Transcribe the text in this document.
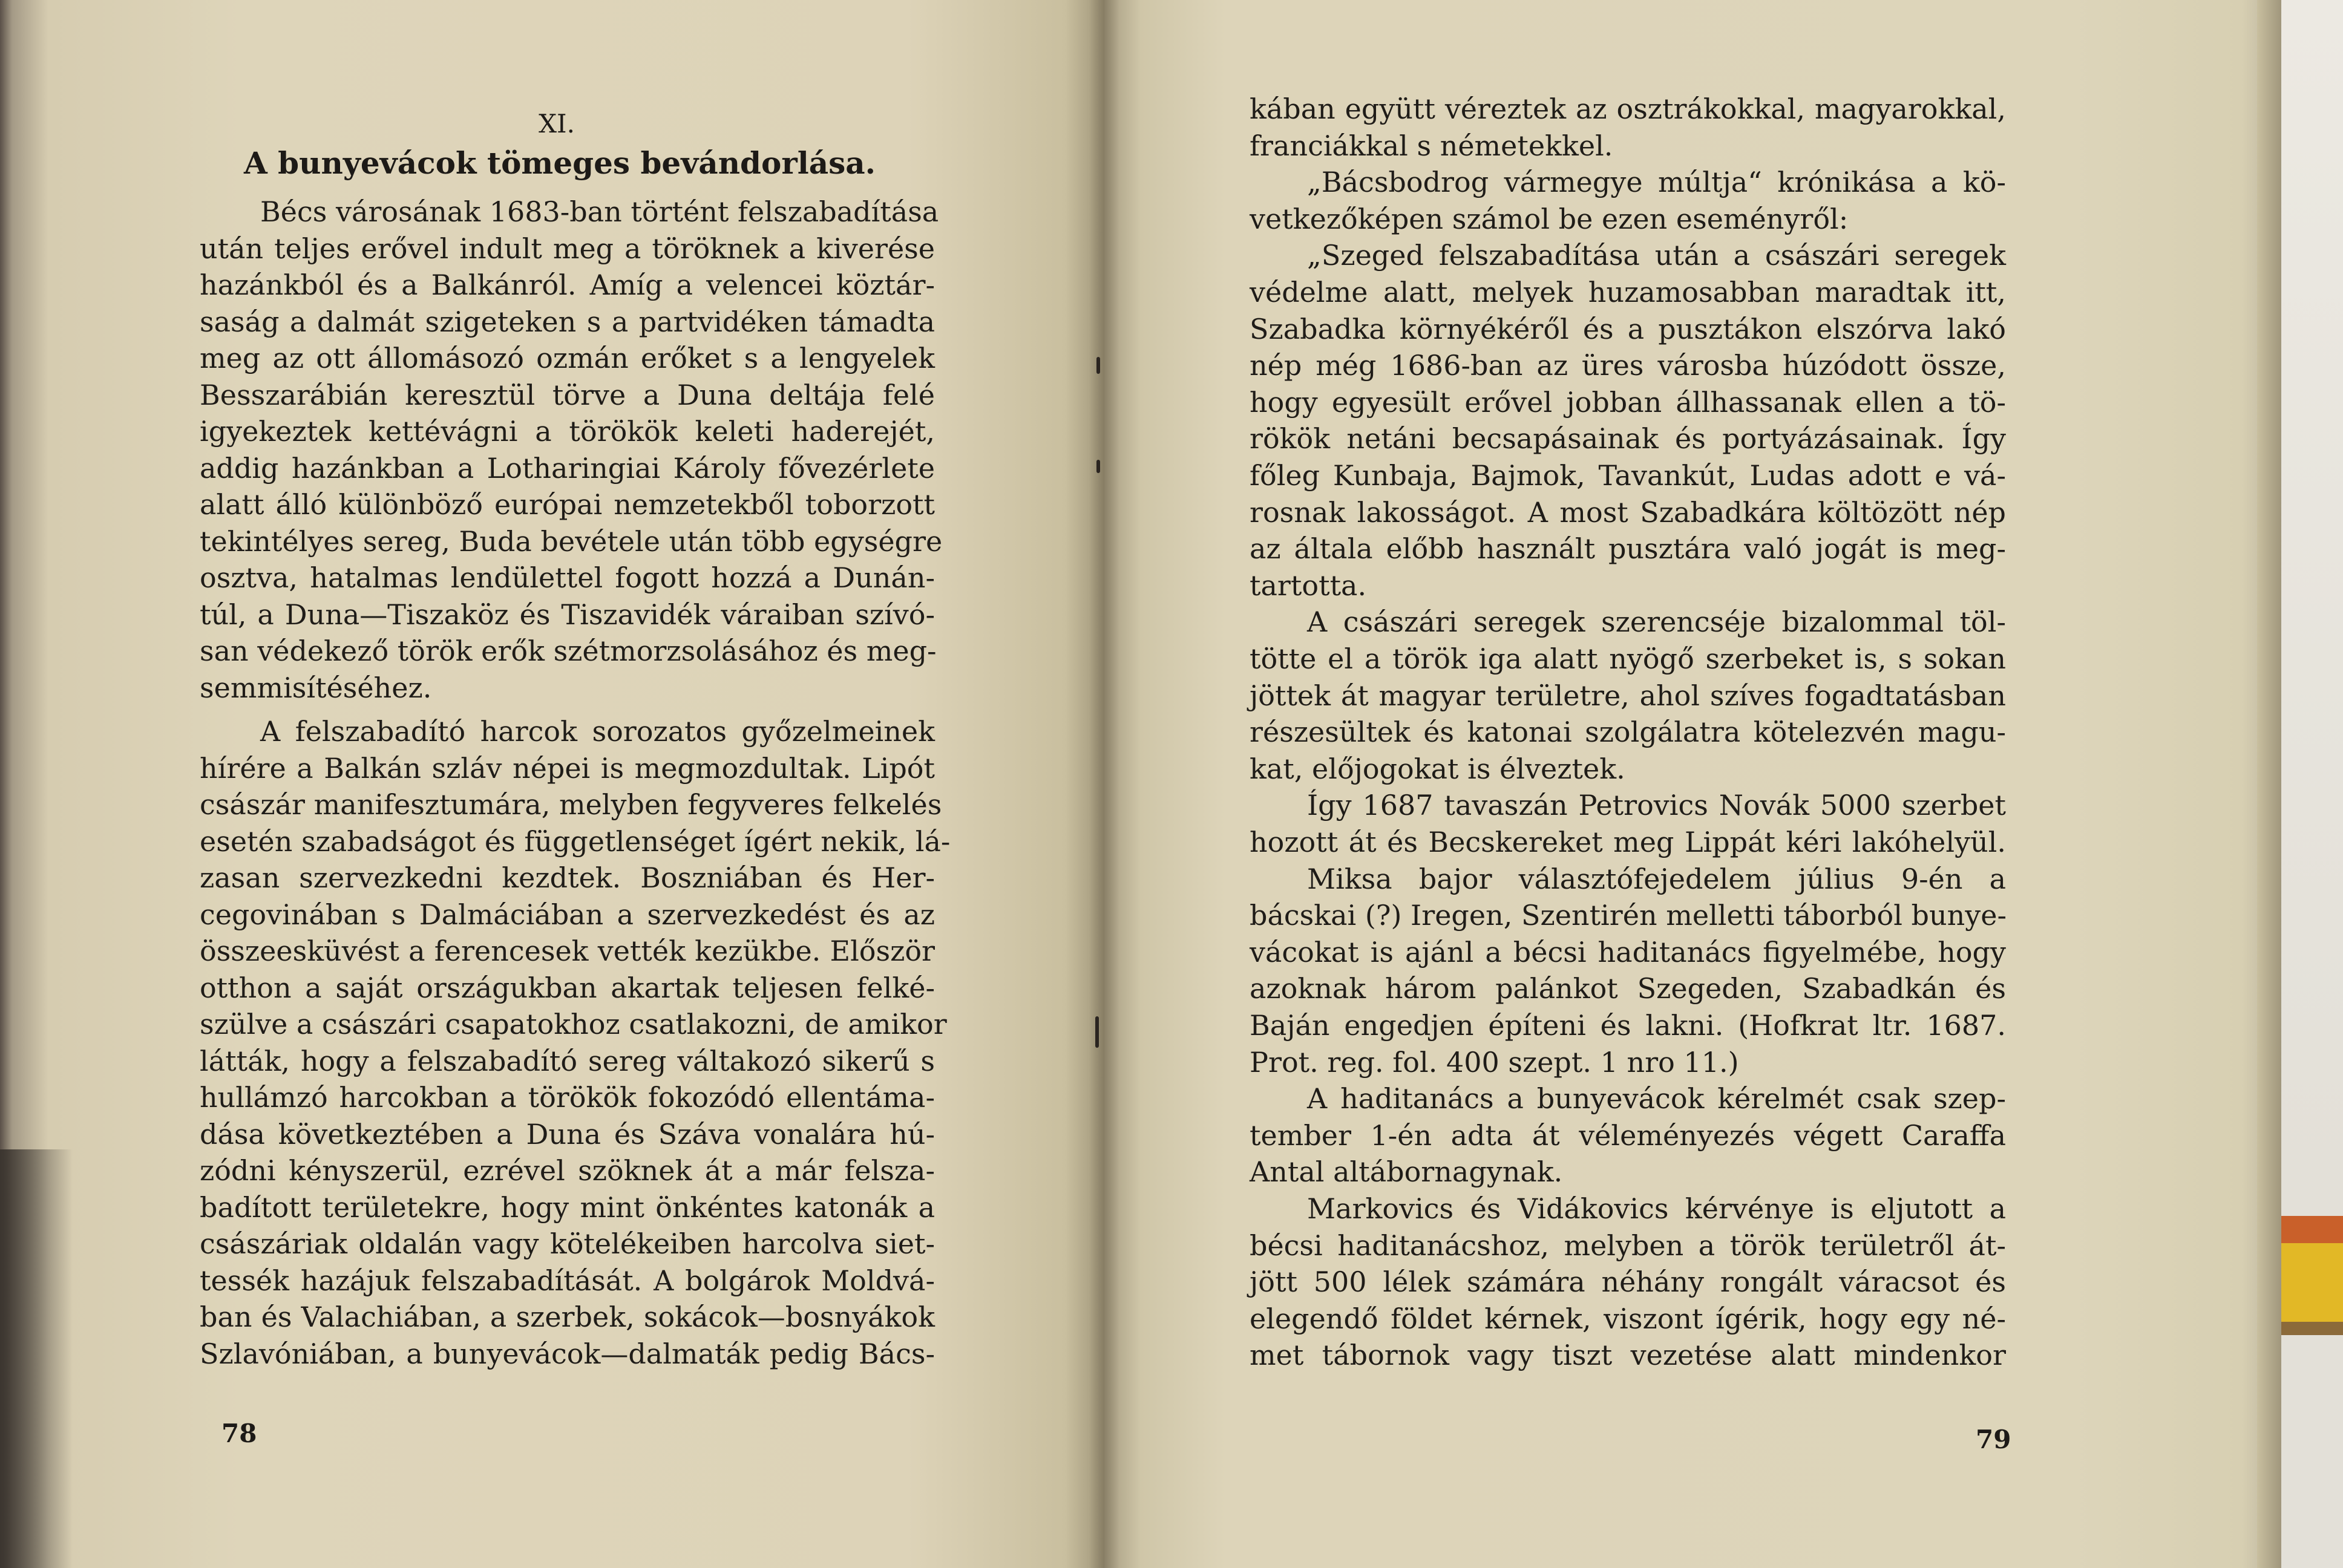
XI.
A bunyevácok tömeges bevándorlása.
Bécs városának 1683-ban történt felszabadítása
után teljes erővel indult meg a töröknek a kiverése
hazánkból és a Balkánról. Amíg a velencei köztár-
saság a dalmát szigeteken s a partvidéken támadta
meg az ott állomásozó ozmán erőket s a lengyelek
Besszarábián keresztül törve a Duna deltája felé
igyekeztek kettévágni a törökök keleti haderejét,
addig hazánkban a Lotharingiai Károly fővezérlete
alatt álló különböző európai nemzetekből toborzott
tekintélyes sereg, Buda bevétele után több egységre
osztva, hatalmas lendülettel fogott hozzá a Dunán-
túl, a Duna—Tiszaköz és Tiszavidék váraiban szívó-
san védekező török erők szétmorzsolásához és meg-
semmisítéséhez.
A felszabadító harcok sorozatos győzelmeinek
hírére a Balkán szláv népei is megmozdultak. Lipót
császár manifesztumára, melyben fegyveres felkelés
esetén szabadságot és függetlenséget ígért nekik, lá-
zasan szervezkedni kezdtek. Boszniában és Her-
cegovinában s Dalmáciában a szervezkedést és az
összeesküvést a ferencesek vették kezükbe. Először
otthon a saját országukban akartak teljesen felké-
szülve a császári csapatokhoz csatlakozni, de amikor
látták, hogy a felszabadító sereg váltakozó sikerű s
hullámzó harcokban a törökök fokozódó ellentáma-
dása következtében a Duna és Száva vonalára hú-
zódni kényszerül, ezrével szöknek át a már felsza-
badított területekre, hogy mint önkéntes katonák a
császáriak oldalán vagy kötelékeiben harcolva siet-
tessék hazájuk felszabadítását. A bolgárok Moldvá-
ban és Valachiában, a szerbek, sokácok—bosnyákok
Szlavóniában, a bunyevácok—dalmaták pedig Bács-
kában együtt véreztek az osztrákokkal, magyarokkal,
franciákkal s németekkel.
„Bácsbodrog vármegye múltja“ krónikása a kö-
vetkezőképen számol be ezen eseményről:
„Szeged felszabadítása után a császári seregek
védelme alatt, melyek huzamosabban maradtak itt,
Szabadka környékéről és a pusztákon elszórva lakó
nép még 1686-ban az üres városba húzódott össze,
hogy egyesült erővel jobban állhassanak ellen a tö-
rökök netáni becsapásainak és portyázásainak. Így
főleg Kunbaja, Bajmok, Tavankút, Ludas adott e vá-
rosnak lakosságot. A most Szabadkára költözött nép
az általa előbb használt pusztára való jogát is meg-
tartotta.
A császári seregek szerencséje bizalommal töl-
tötte el a török iga alatt nyögő szerbeket is, s sokan
jöttek át magyar területre, ahol szíves fogadtatásban
részesültek és katonai szolgálatra kötelezvén magu-
kat, előjogokat is élveztek.
Így 1687 tavaszán Petrovics Novák 5000 szerbet
hozott át és Becskereket meg Lippát kéri lakóhelyül.
Miksa bajor választófejedelem július 9-én a
bácskai (?) Iregen, Szentirén melletti táborból bunye-
vácokat is ajánl a bécsi haditanács figyelmébe, hogy
azoknak három palánkot Szegeden, Szabadkán és
Baján engedjen építeni és lakni. (Hofkrat ltr. 1687.
Prot. reg. fol. 400 szept. 1 nro 11.)
A haditanács a bunyevácok kérelmét csak szep-
tember 1-én adta át véleményezés végett Caraffa
Antal altábornagynak.
Markovics és Vidákovics kérvénye is eljutott a
bécsi haditanácshoz, melyben a török területről át-
jött 500 lélek számára néhány rongált váracsot és
elegendő földet kérnek, viszont ígérik, hogy egy né-
met tábornok vagy tiszt vezetése alatt mindenkor
78	79
